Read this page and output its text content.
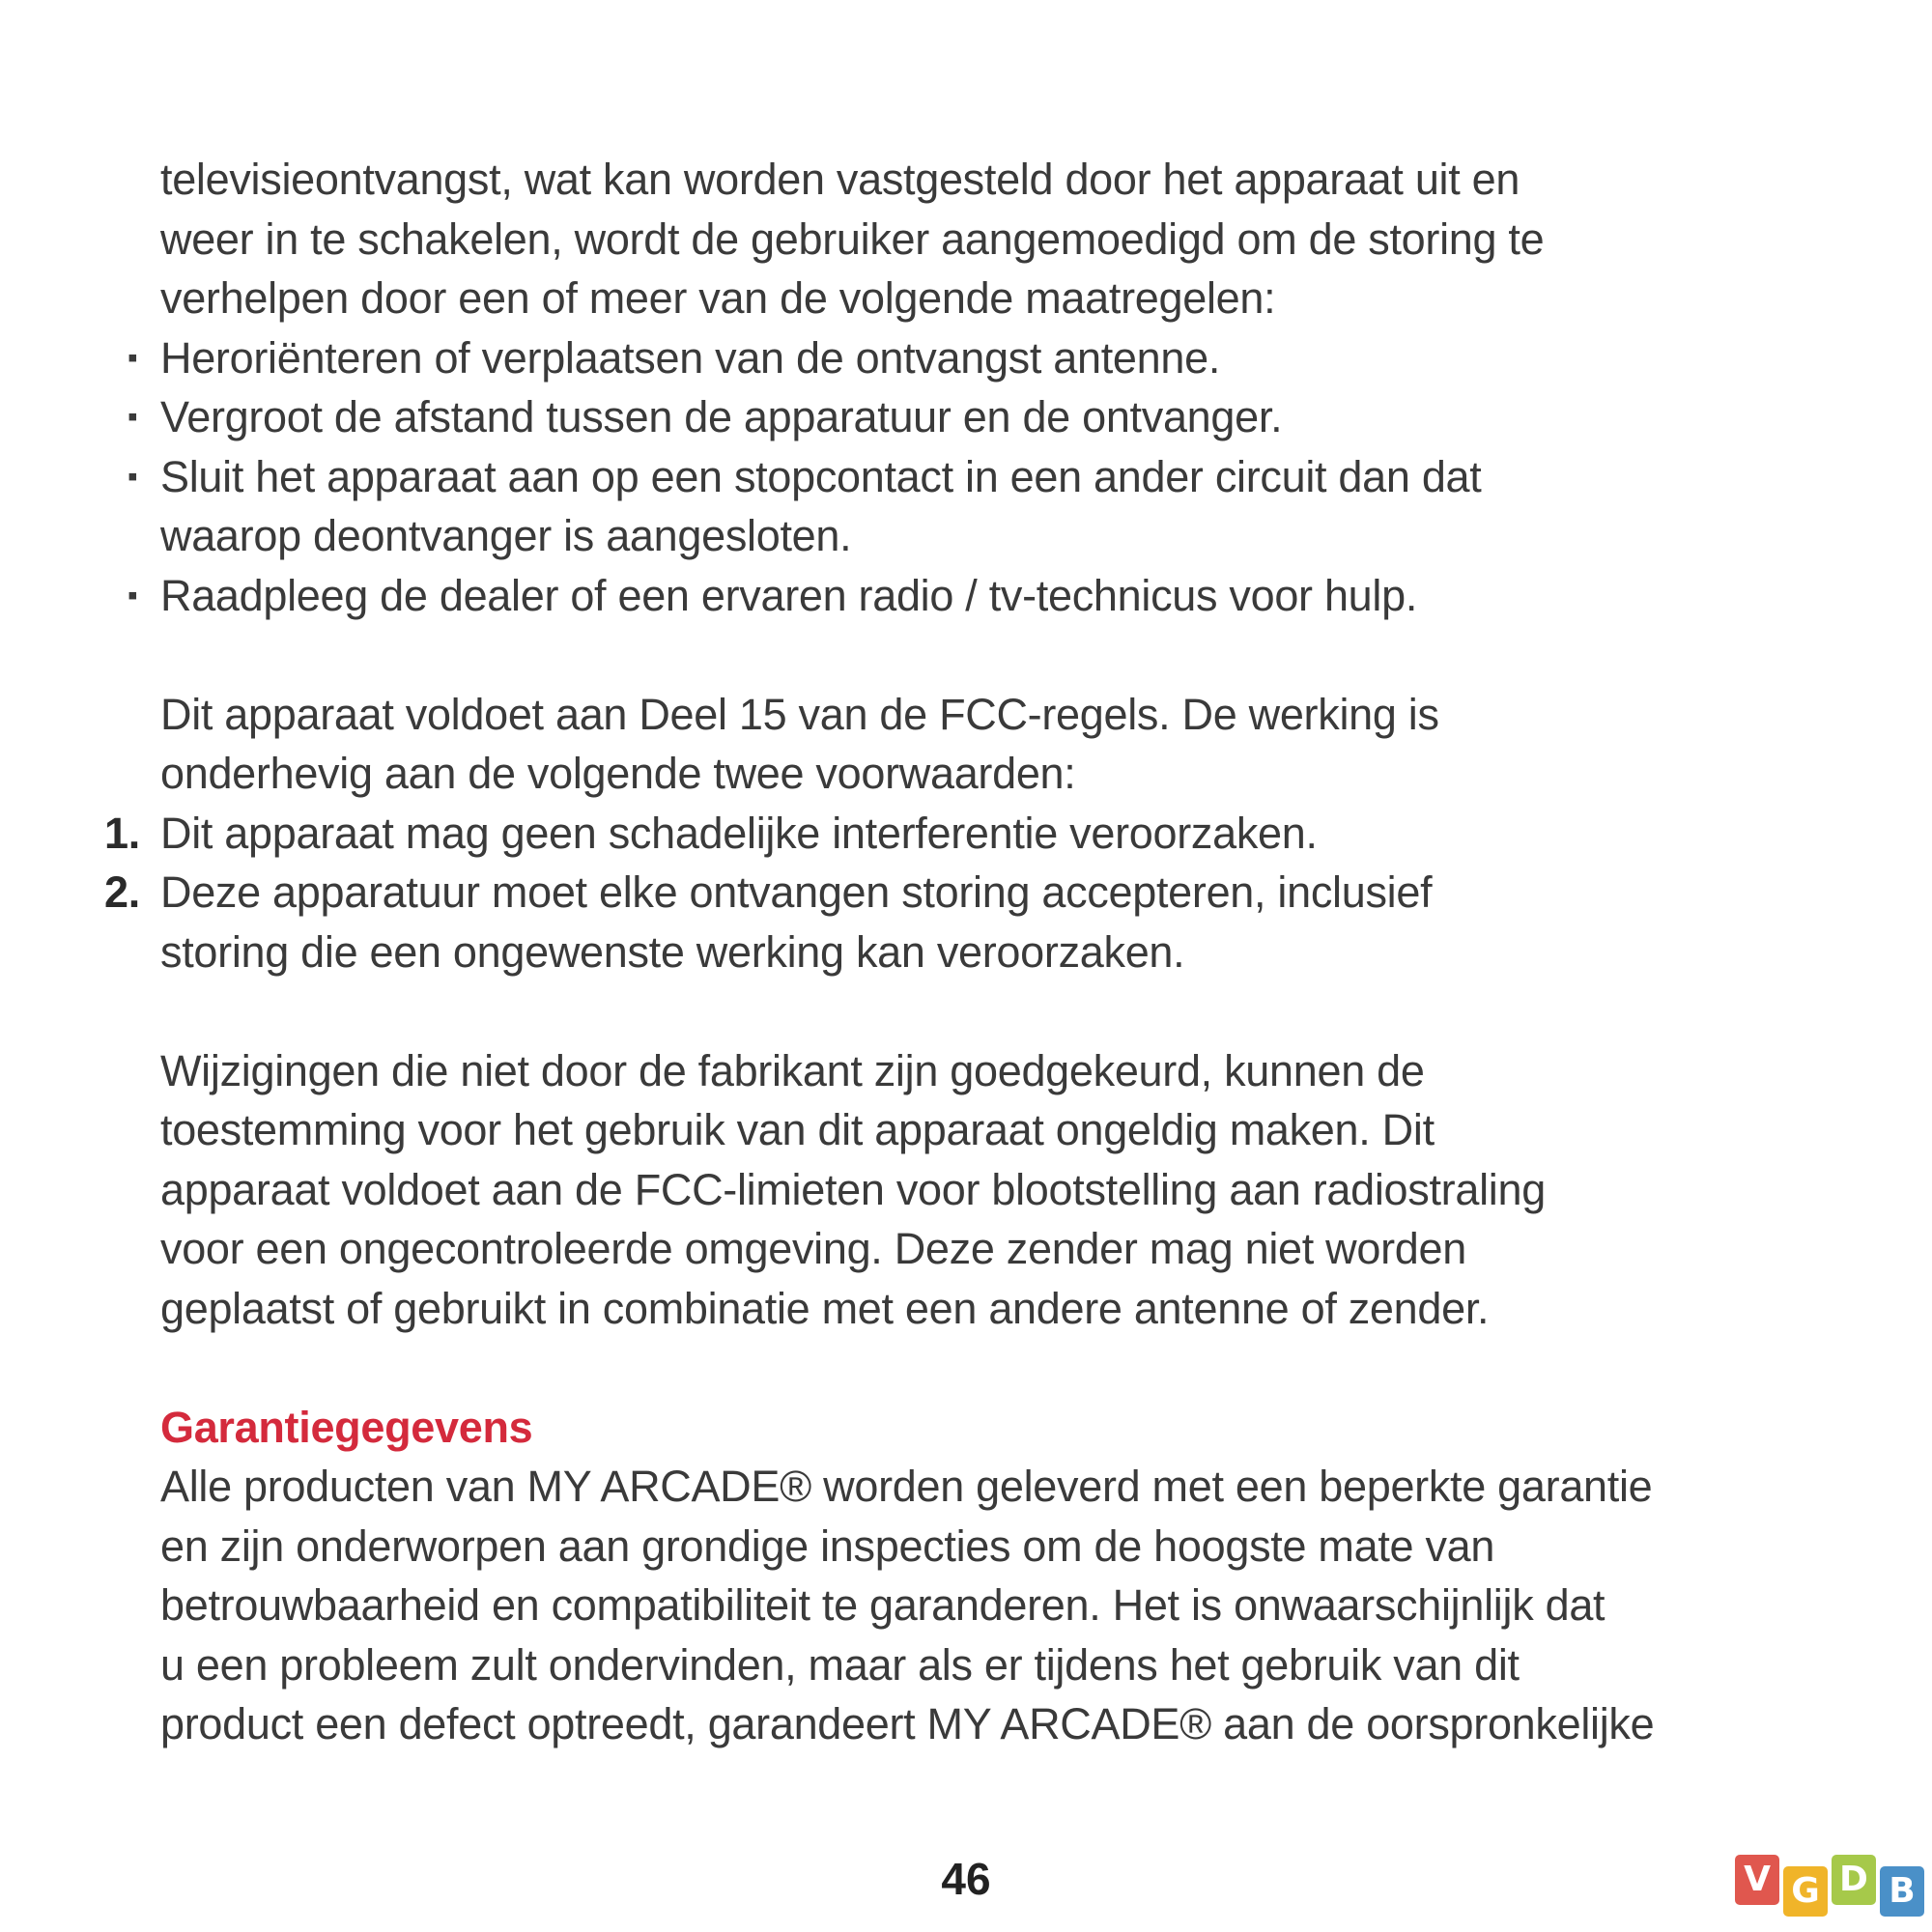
televisieontvangst, wat kan worden vastgesteld door het apparaat uit en
weer in te schakelen, wordt de gebruiker aangemoedigd om de storing te
verhelpen door een of meer van de volgende maatregelen:

▪ Heroriënteren of verplaatsen van de ontvangst antenne.
▪ Vergroot de afstand tussen de apparatuur en de ontvanger.
▪ Sluit het apparaat aan op een stopcontact in een ander circuit dan dat
waarop deontvanger is aangesloten.
▪ Raadpleeg de dealer of een ervaren radio / tv-technicus voor hulp.

Dit apparaat voldoet aan Deel 15 van de FCC-regels. De werking is
onderhevig aan de volgende twee voorwaarden:

1. Dit apparaat mag geen schadelijke interferentie veroorzaken.
2. Deze apparatuur moet elke ontvangen storing accepteren, inclusief
storing die een ongewenste werking kan veroorzaken.

Wijzigingen die niet door de fabrikant zijn goedgekeurd, kunnen de
toestemming voor het gebruik van dit apparaat ongeldig maken. Dit
apparaat voldoet aan de FCC-limieten voor blootstelling aan radiostraling
voor een ongecontroleerde omgeving. Deze zender mag niet worden
geplaatst of gebruikt in combinatie met een andere antenne of zender.

Garantiegegevens

Alle producten van MY ARCADE® worden geleverd met een beperkte garantie
en zijn onderworpen aan grondige inspecties om de hoogste mate van
betrouwbaarheid en compatibiliteit te garanderen. Het is onwaarschijnlijk dat
u een probleem zult ondervinden, maar als er tijdens het gebruik van dit
product een defect optreedt, garandeert MY ARCADE® aan de oorspronkelijke

46	V G D B
